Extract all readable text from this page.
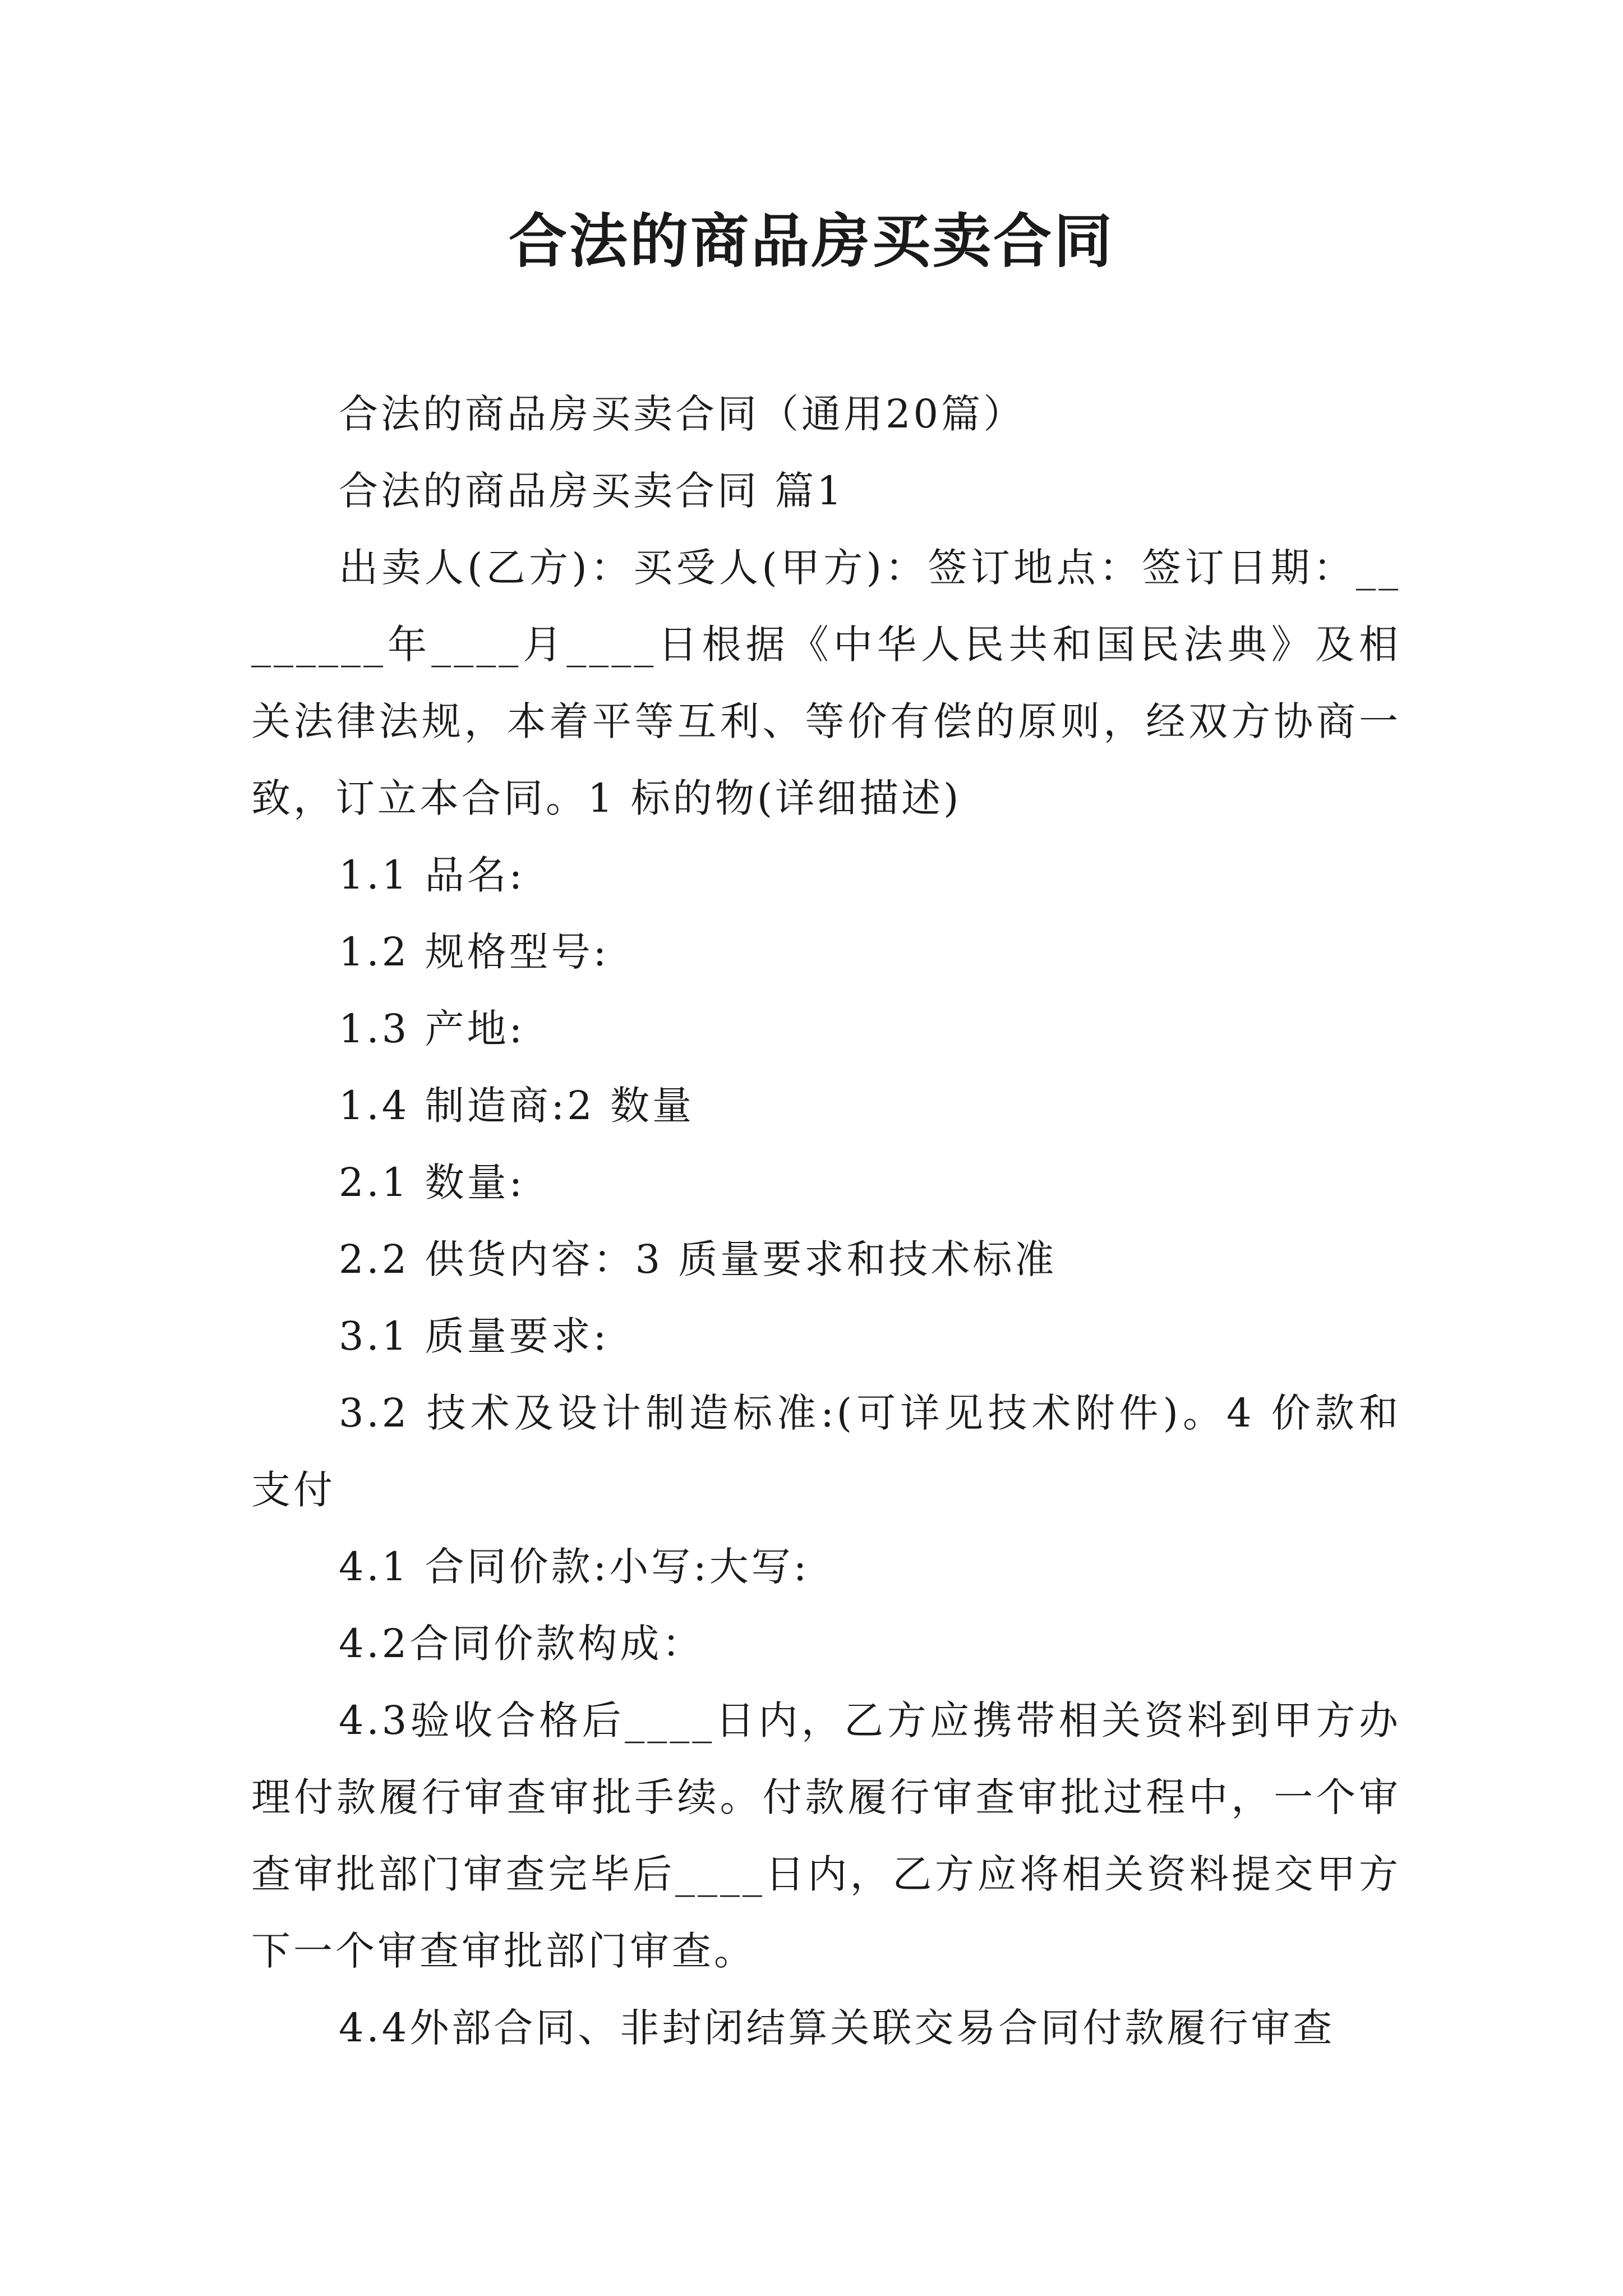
合法的商品房买卖合同

合法的商品房买卖合同（通用20篇）

合法的商品房买卖合同 篇1

出卖人(乙方)：买受人(甲方)：签订地点：签订日期：________年____月____日根据《中华人民共和国民法典》及相关法律法规，本着平等互利、等价有偿的原则，经双方协商一致，订立本合同。1 标的物(详细描述)

1.1 品名:

1.2 规格型号:

1.3 产地:

1.4 制造商:2 数量

2.1 数量:

2.2 供货内容：3 质量要求和技术标准

3.1 质量要求:

3.2 技术及设计制造标准:(可详见技术附件)。4 价款和支付

4.1 合同价款:小写:大写:

4.2合同价款构成：

4.3验收合格后____日内，乙方应携带相关资料到甲方办理付款履行审查审批手续。付款履行审查审批过程中，一个审查审批部门审查完毕后____日内，乙方应将相关资料提交甲方下一个审查审批部门审查。

4.4外部合同、非封闭结算关联交易合同付款履行审查
